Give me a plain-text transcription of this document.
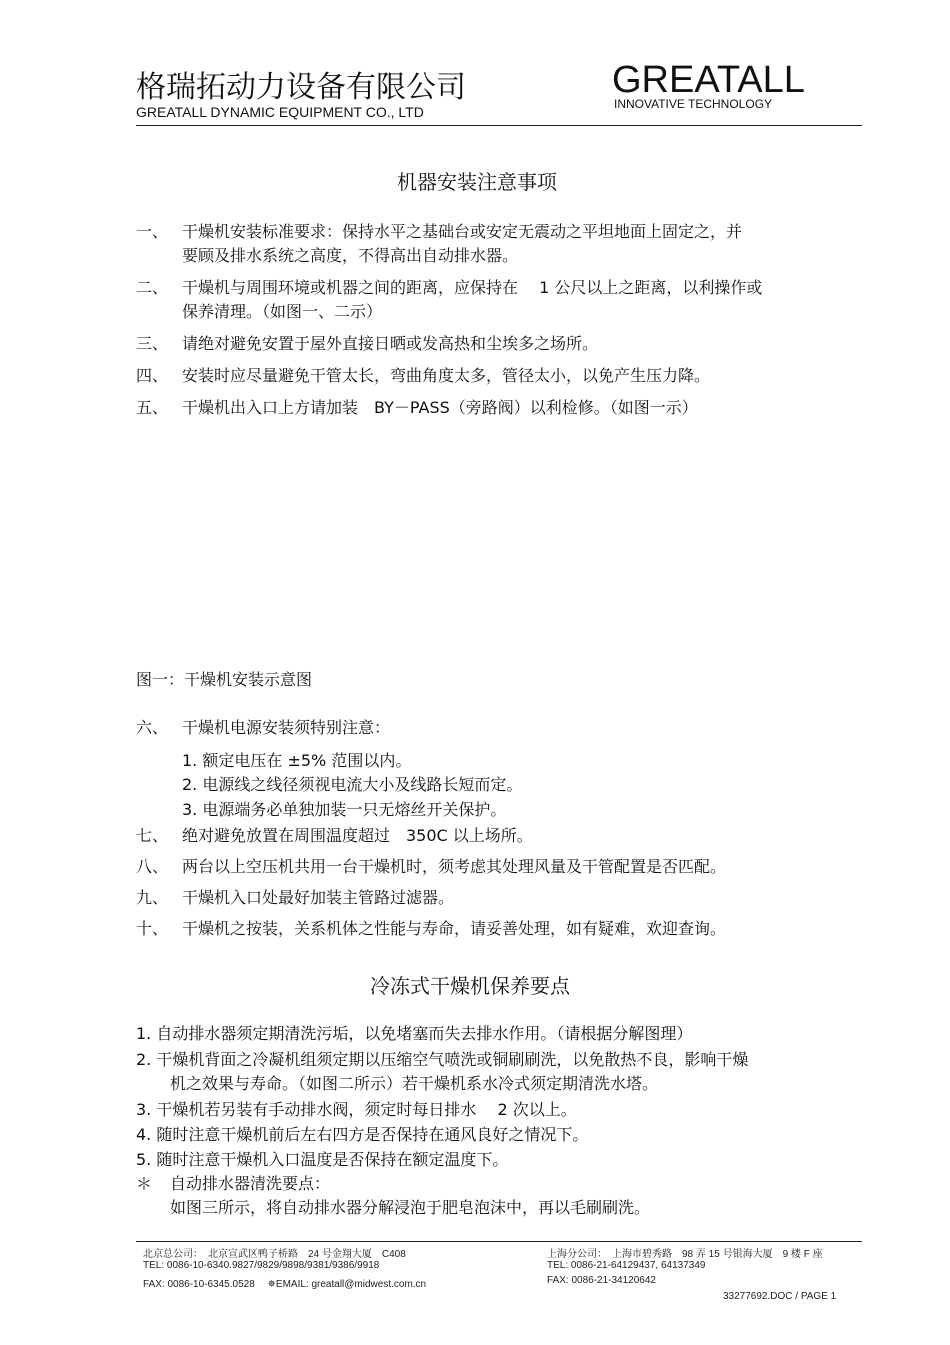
格瑞拓动力设备有限公司
GREATALL DYNAMIC EQUIPMENT CO., LTD
GREATALL
INNOVATIVE TECHNOLOGY
机器安装注意事项
一、 干燥机安装标准要求：保持水平之基础台或安定无震动之平坦地面上固定之，并
要顾及排水系统之高度，不得高出自动排水器。
二、 干燥机与周围环境或机器之间的距离，应保持在　 1 公尺以上之距离，以利操作或
保养清理。（如图一、二示）
三、 请绝对避免安置于屋外直接日晒或发高热和尘埃多之场所。
四、 安装时应尽量避免干管太长，弯曲角度太多，管径太小，以免产生压力降。
五、 干燥机出入口上方请加装　BY－PASS（旁路阀）以利检修。（如图一示）
图一：干燥机安装示意图
六、 干燥机电源安装须特别注意：
1. 额定电压在 ±5% 范围以内。
2. 电源线之线径须视电流大小及线路长短而定。
3. 电源端务必单独加装一只无熔丝开关保护。
七、 绝对避免放置在周围温度超过　350C 以上场所。
八、 两台以上空压机共用一台干燥机时，须考虑其处理风量及干管配置是否匹配。
九、 干燥机入口处最好加装主管路过滤器。
十、 干燥机之按装，关系机体之性能与寿命，请妥善处理，如有疑难，欢迎查询。
冷冻式干燥机保养要点
1. 自动排水器须定期清洗污垢，以免堵塞而失去排水作用。（请根据分解图理）
2. 干燥机背面之冷凝机组须定期以压缩空气喷洗或铜刷刷洗，以免散热不良，影响干燥
机之效果与寿命。（如图二所示）若干燥机系水冷式须定期清洗水塔。
3. 干燥机若另装有手动排水阀，须定时每日排水　 2 次以上。
4. 随时注意干燥机前后左右四方是否保持在通风良好之情况下。
5. 随时注意干燥机入口温度是否保持在额定温度下。
＊ 自动排水器清洗要点：
如图三所示，将自动排水器分解浸泡于肥皂泡沫中，再以毛刷刷洗。
北京总公司：　北京宣武区鸭子桥路　24 号金翔大厦　C408
TEL: 0086-10-6340.9827/9829/9898/9381/9386/9918
FAX: 0086-10-6345.0528　 ✵EMAIL: greatall@midwest.com.cn
上海分公司：　上海市碧秀路　98 弄 15 号银海大厦　9 楼 F 座
TEL: 0086-21-64129437, 64137349
FAX: 0086-21-34120642
33277692.DOC / PAGE 1
